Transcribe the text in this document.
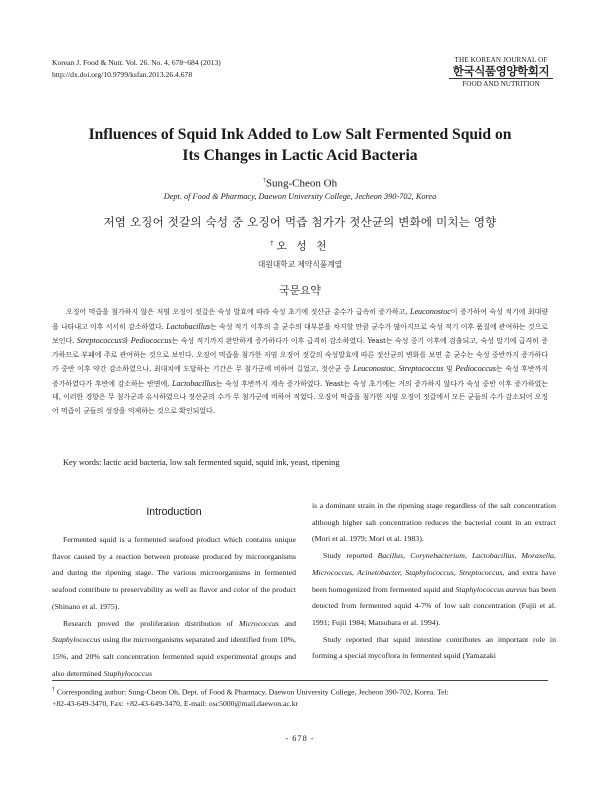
Korean J. Food & Nutr. Vol. 26. No. 4, 678~684 (2013)
http://dx.doi.org/10.9799/ksfan.2013.26.4.678
THE KOREAN JOURNAL OF
한국식품영양학회지
FOOD AND NUTRITION
Influences of Squid Ink Added to Low Salt Fermented Squid on
Its Changes in Lactic Acid Bacteria
†Sung-Cheon Oh
Dept. of Food & Pharmacy, Daewon University College, Jecheon 390-702, Korea
저염 오징어 젓갈의 숙성 중 오징어 먹즙 첨가가 젓산균의 변화에 미치는 영향
†오 성 천
대원대학교 제약식품계열
국문요약

오징어 먹즙을 첨가하지 않은 저염 오징어 젓갈은 숙성 발효에 따라 숙성 초기에 젓산균 총수가 급속히 증가하고, Leuconostoc이 증가하여 숙성 적기에 최대량을 나타내고 이후 서서히 감소하였다. Lactobacillus는 숙성 적기 이후의 총 균수의 대부분을 차지할 만큼 균수가 많아지므로 숙성 적기 이후 품질에 관여하는 것으로 보인다. Streptococcus와 Pediococcus는 숙성 적기까지 완만하게 증가하다가 이후 급격히 감소하였다. Yeast는 숙성 중기 이후에 검출되고, 숙성 말기에 급격히 증가하므로 부패에 주로 관여하는 것으로 보인다. 오징어 먹즙을 첨가한 저염 오징어 젓갈의 숙성발효에 따른 젓산균의 변화를 보면 총 균수는 숙성 중반까지 증가하다가 중반 이후 약간 감소하였으나, 최대치에 도달하는 기간은 무 첨가군에 비하여 길었고, 젓산균 중 Leuconostoc, Streptococcus 및 Pediococcus는 숙성 후반까지 증가하였다가 후반에 감소하는 반면에, Lactobacillus는 숙성 후반까지 계속 증가하였다. Yeast는 숙성 초기에는 거의 증가하지 않다가 숙성 중반 이후 증가하였는데, 이러한 경향은 무 첨가군과 유사하였으나 젓산균의 수가 무 첨가군에 비하여 적었다. 오징어 먹즙을 첨가한 저염 오징어 젓갈에서 모든 균들의 수가 감소되어 오징어 먹즙이 균들의 성장을 억제하는 것으로 확인되었다.

Key words: lactic acid bacteria, low salt fermented squid, squid ink, yeast, ripening
Introduction

Fermented squid is a fermented seafood product which contains unique flavor caused by a reaction between protease produced by microorganisms and during the ripening stage. The various microorganisms in fermented seafood contribute to preservability as well as flavor and color of the product (Shinano et al. 1975).

Research proved the proliferation distribution of Micrococcus and Staphylococcus using the microorganisms separated and identified from 10%, 15%, and 20% salt concentration fermented squid experimental groups and also determined Staphylococcus

is a dominant strain in the ripening stage regardless of the salt concentration although higher salt concentration reduces the bacterial count in an extract (Mori et al. 1979; Mori et al. 1983).

Study reported Bacillus, Corynebacterium, Lactobacillus, Moraxella, Micrococcus, Acinetobacter, Staphylococcus, Streptococcus, and extra have been homogenized from fermented squid and Staphylococcus aureus has been detected from fermented squid 4-7% of low salt concentration (Fujii et al. 1991; Fujii 1984; Matsubara et al. 1994).

Study reported that squid intestine contributes an important role in forming a special mycoflora in fermented squid (Yamazaki

† Corresponding author: Sung-Cheon Oh, Dept. of Food & Pharmacy, Daewon University College, Jecheon 390-702, Korea. Tel:
+82-43-649-3470, Fax: +82-43-649-3470, E-mail: osc5000@mail.daewon.ac.kr
- 678 -
